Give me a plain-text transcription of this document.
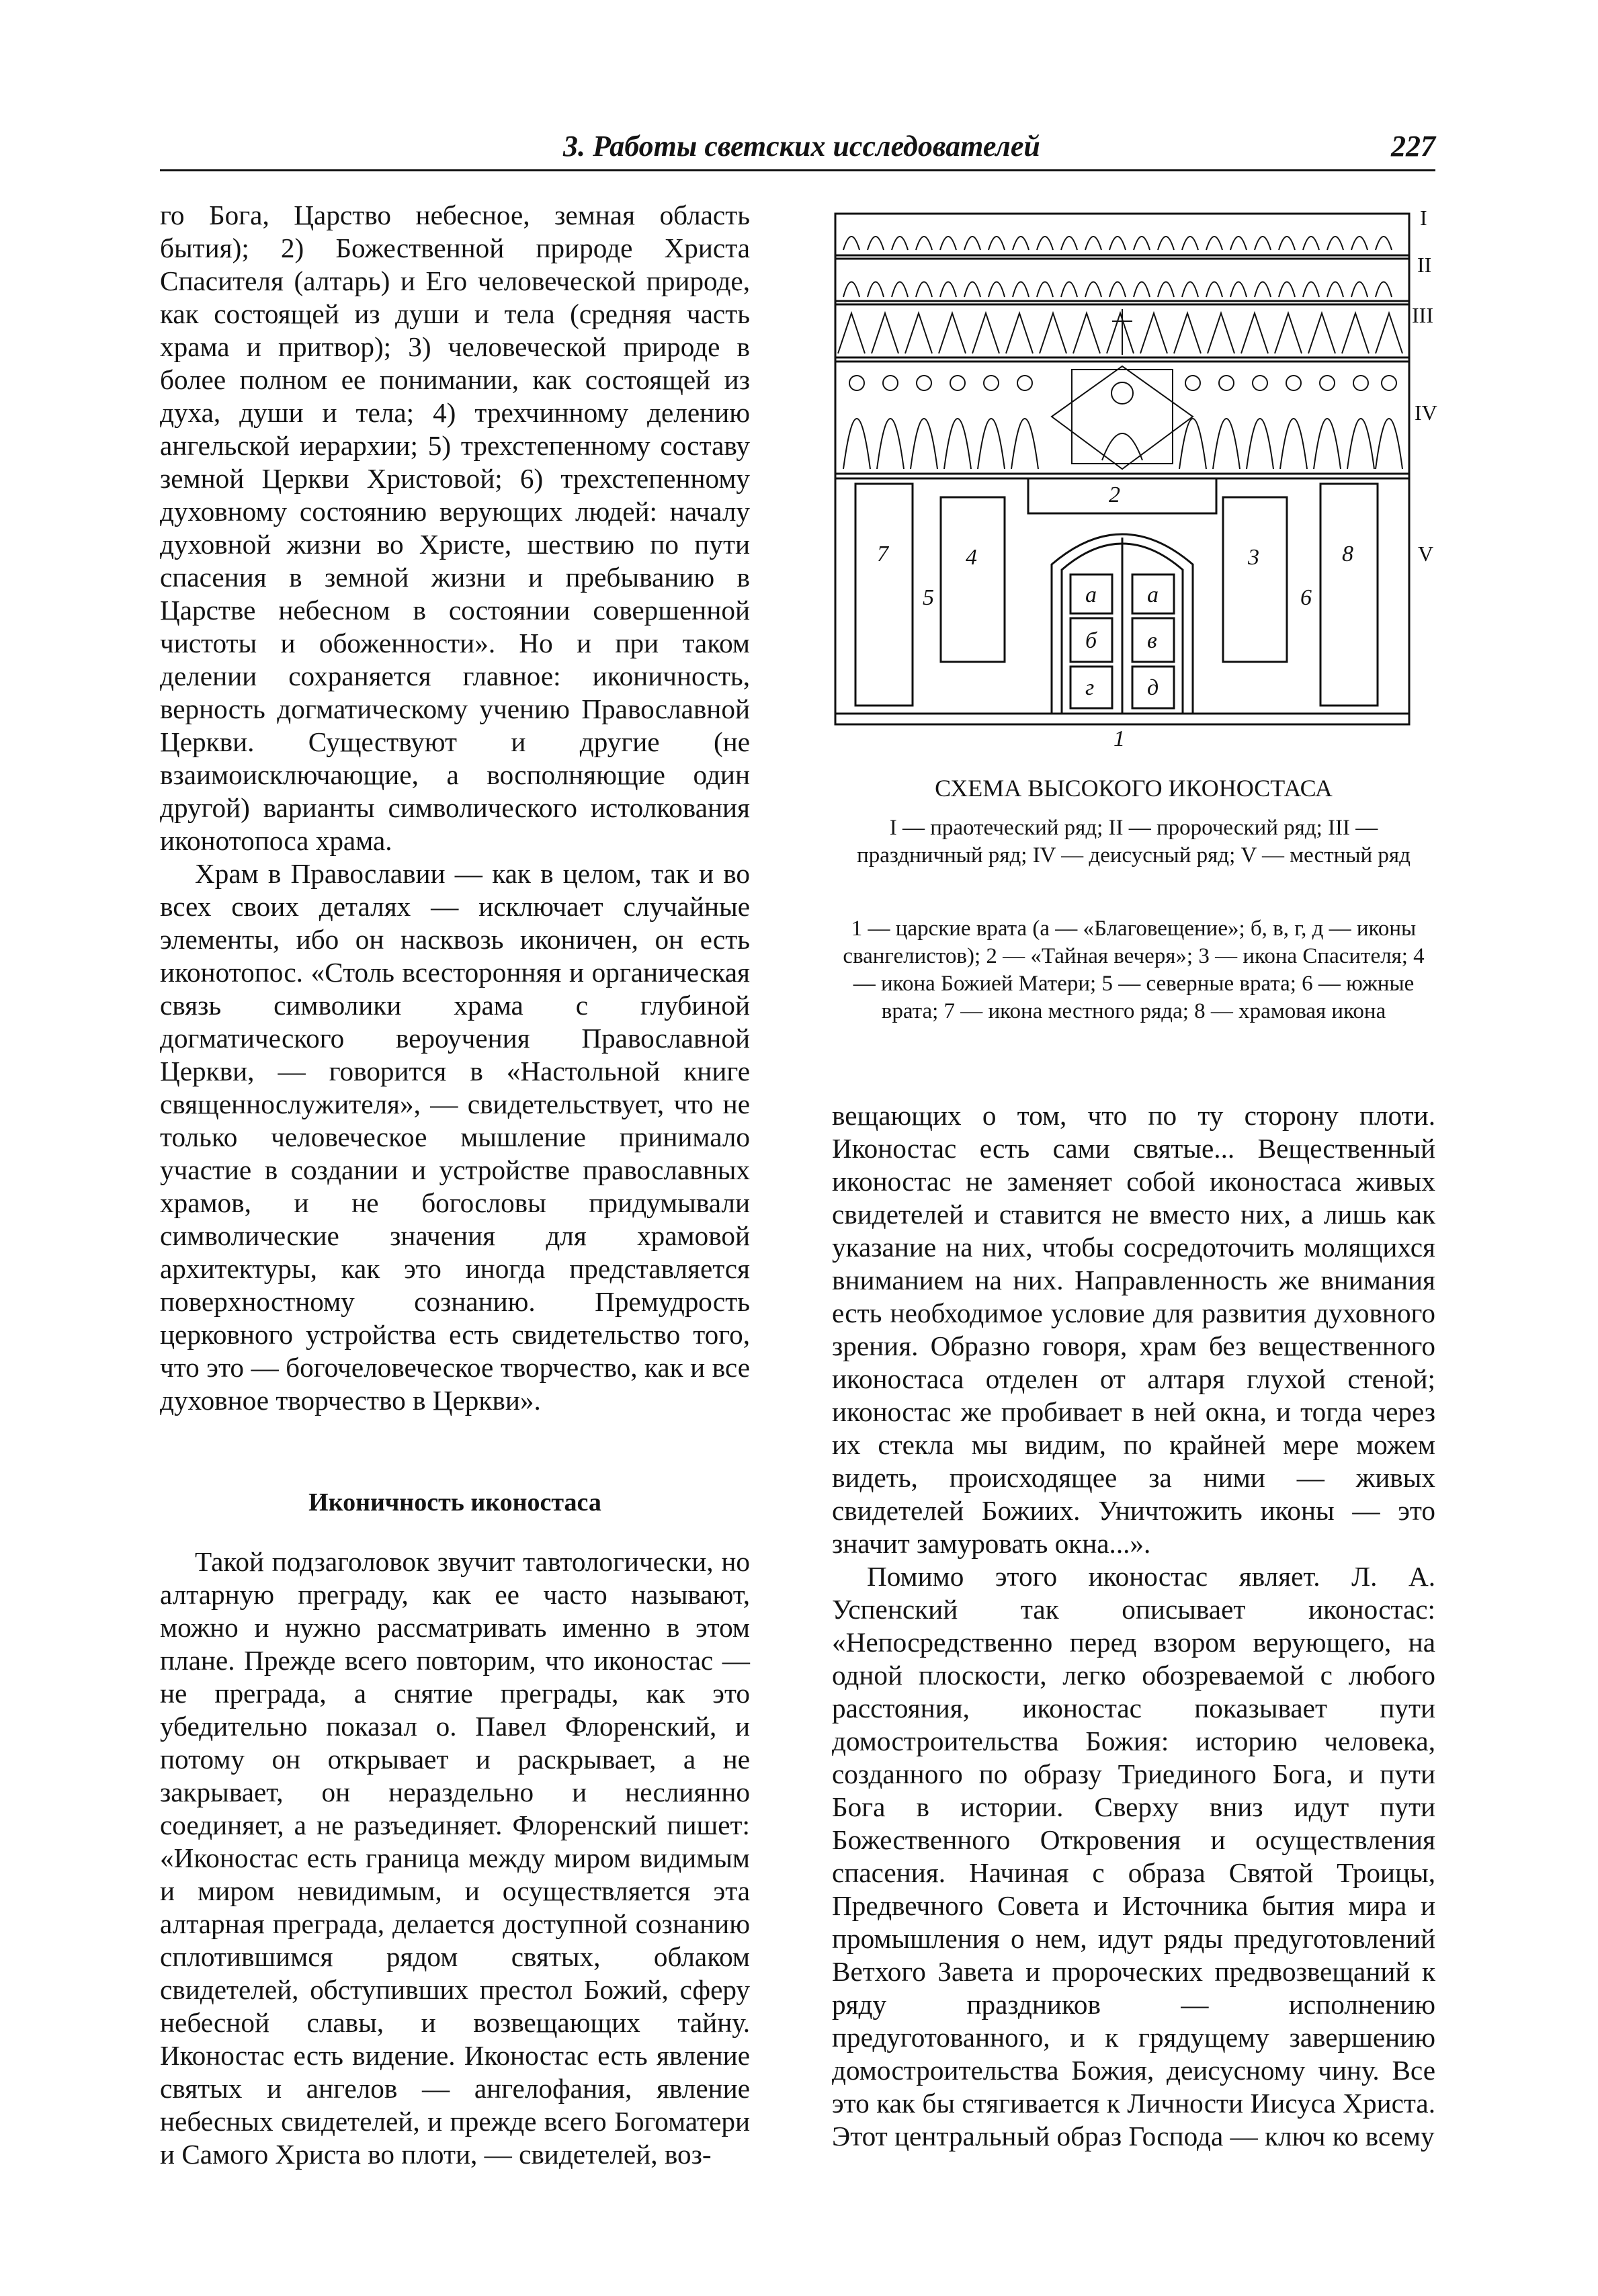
3. Работы светских исследователей	227

го Бога, Царство небесное, земная область бытия); 2) Божественной природе Христа Спасителя (алтарь) и Его человеческой природе, как состоящей из души и тела (средняя часть храма и притвор); 3) человеческой природе в более полном ее понимании, как состоящей из духа, души и тела; 4) трехчинному делению ангельской иерархии; 5) трехстепенному составу земной Церкви Христовой; 6) трехстепенному духовному состоянию верующих людей: началу духовной жизни во Христе, шествию по пути спасения в земной жизни и пребыванию в Царстве небесном в состоянии совершенной чистоты и обоженности». Но и при таком делении сохраняется главное: иконичность, верность догматическому учению Православной Церкви. Существуют и другие (не взаимоисключающие, а восполняющие один другой) варианты символического истолкования иконотопоса храма.

Храм в Православии — как в целом, так и во всех своих деталях — исключает случайные элементы, ибо он насквозь иконичен, он есть иконотопос. «Столь всесторонняя и органическая связь символики храма с глубиной догматического вероучения Православной Церкви, — говорится в «Настольной книге священнослужителя», — свидетельствует, что не только человеческое мышление принимало участие в создании и устройстве православных храмов, и не богословы придумывали символические значения для храмовой архитектуры, как это иногда представляется поверхностному сознанию. Премудрость церковного устройства есть свидетельство того, что это — богочеловеческое творчество, как и все духовное творчество в Церкви».

Иконичность иконостаса

Такой подзаголовок звучит тавтологически, но алтарную преграду, как ее часто называют, можно и нужно рассматривать именно в этом плане. Прежде всего повторим, что иконостас — не преграда, а снятие преграды, как это убедительно показал о. Павел Флоренский, и потому он открывает и раскрывает, а не закрывает, он нераздельно и неслиянно соединяет, а не разъединяет. Флоренский пишет: «Иконостас есть граница между миром видимым и миром невидимым, и осуществляется эта алтарная преграда, делается доступной сознанию сплотившимся рядом святых, облаком свидетелей, обступивших престол Божий, сферу небесной славы, и возвещающих тайну. Иконостас есть видение. Иконостас есть явление святых и ангелов — ангелофания, явление небесных свидетелей, и прежде всего Богоматери и Самого Христа во плоти, — свидетелей, воз-

I
II
III
IV
V
1
2
3
4
5	6
7	8
а а
б в
г д
СХЕМА ВЫСОКОГО ИКОНОСТАСА
I — праотеческий ряд; II — пророческий ряд; III — праздничный ряд; IV — деисусный ряд; V — местный ряд
1 — царские врата (а — «Благовещение»; б, в, г, д — иконы свангелистов); 2 — «Тайная вечеря»; 3 — икона Спасителя; 4 — икона Божией Матери; 5 — северные врата; 6 — южные врата; 7 — икона местного ряда; 8 — храмовая икона

вещающих о том, что по ту сторону плоти. Иконостас есть сами святые... Вещественный иконостас не заменяет собой иконостаса живых свидетелей и ставится не вместо них, а лишь как указание на них, чтобы сосредоточить молящихся вниманием на них. Направленность же внимания есть необходимое условие для развития духовного зрения. Образно говоря, храм без вещественного иконостаса отделен от алтаря глухой стеной; иконостас же пробивает в ней окна, и тогда через их стекла мы видим, по крайней мере можем видеть, происходящее за ними — живых свидетелей Божиих. Уничтожить иконы — это значит замуровать окна...».

Помимо этого иконостас являет. Л. А. Успенский так описывает иконостас: «Непосредственно перед взором верующего, на одной плоскости, легко обозреваемой с любого расстояния, иконостас показывает пути домостроительства Божия: историю человека, созданного по образу Триединого Бога, и пути Бога в истории. Сверху вниз идут пути Божественного Откровения и осуществления спасения. Начиная с образа Святой Троицы, Предвечного Совета и Источника бытия мира и промышления о нем, идут ряды предуготовлений Ветхого Завета и пророческих предвозвещаний к ряду праздников — исполнению предуготованного, и к грядущему завершению домостроительства Божия, деисусному чину. Все это как бы стягивается к Личности Иисуса Христа. Этот центральный образ Господа — ключ ко всему
